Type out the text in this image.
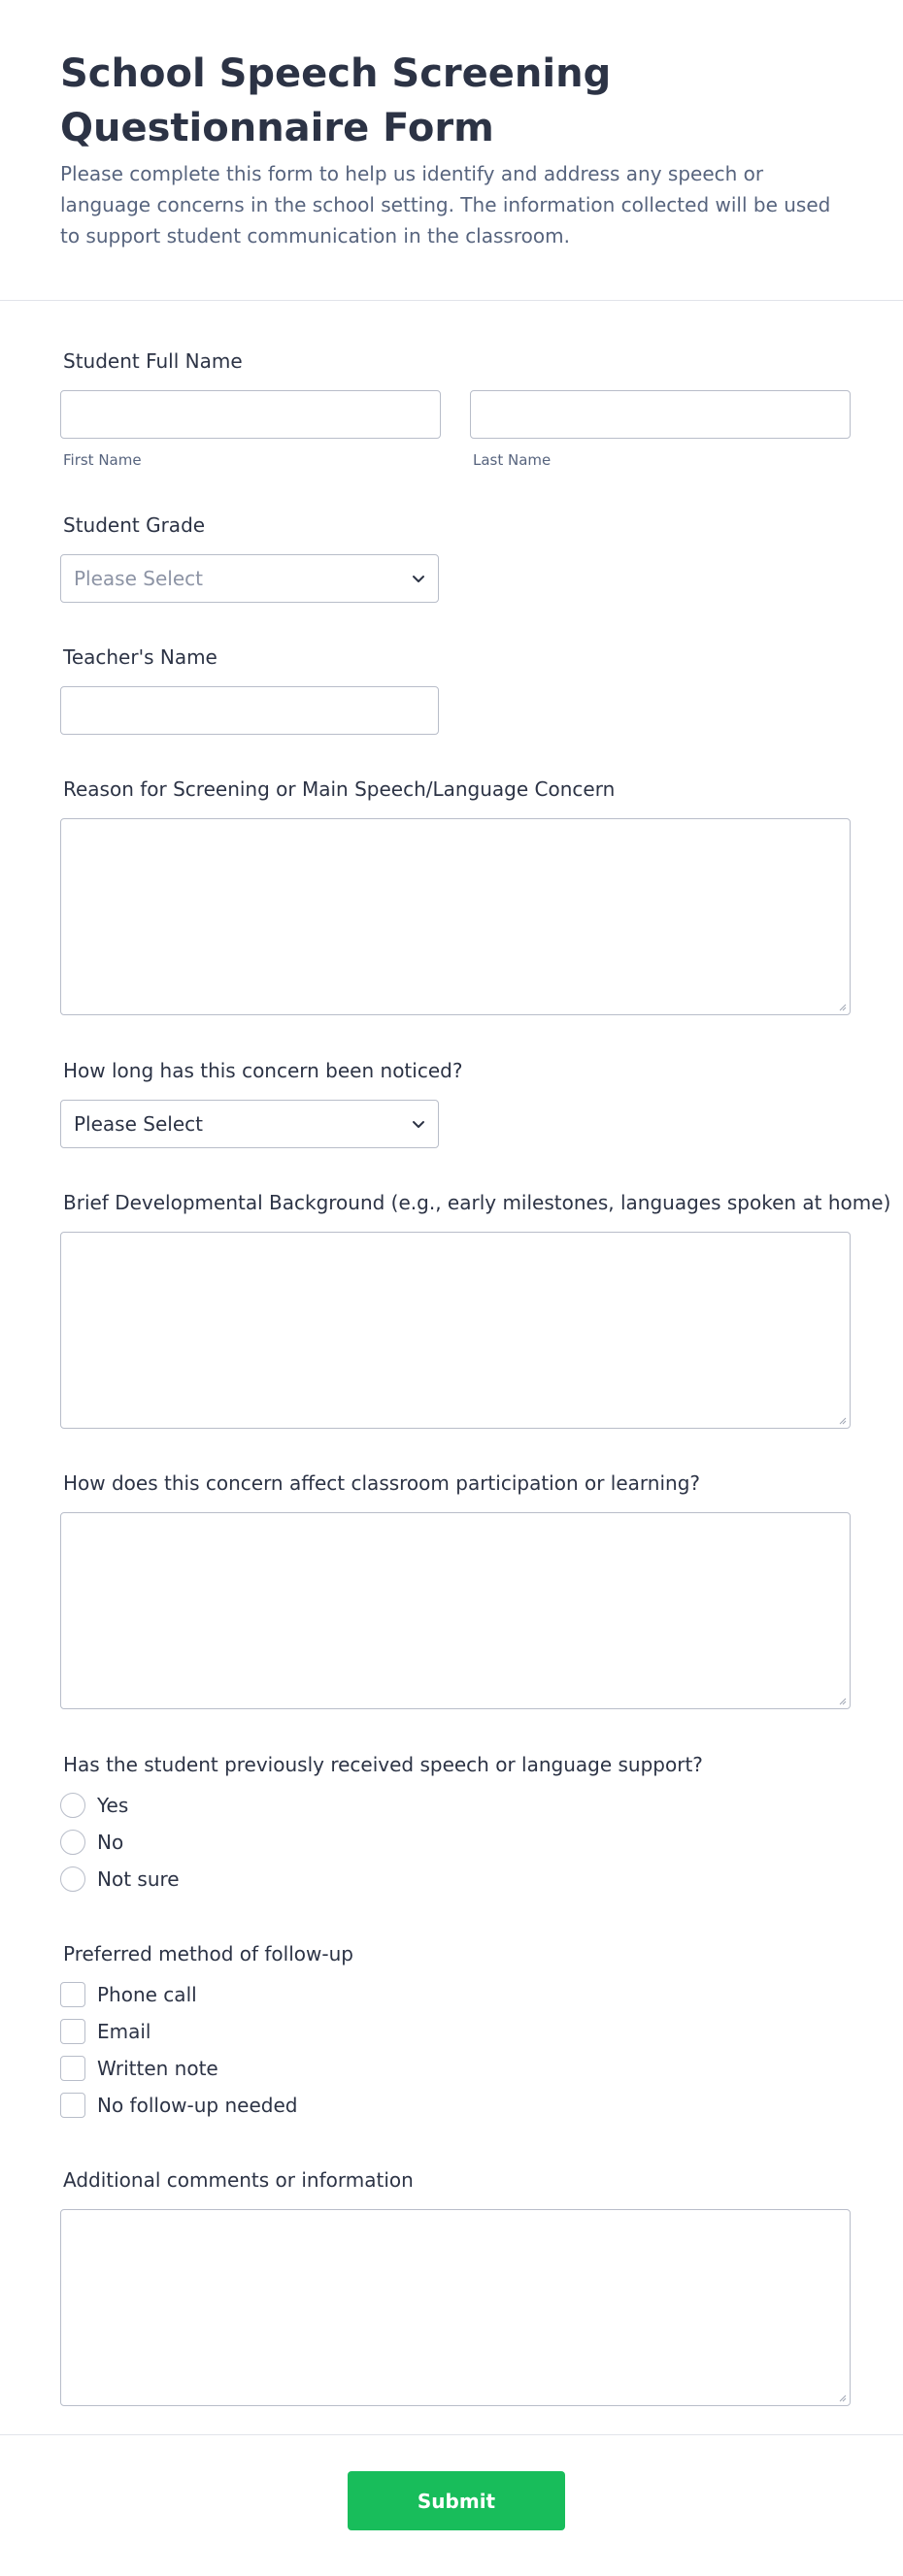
School Speech Screening Questionnaire Form
Please complete this form to help us identify and address any speech or language concerns in the school setting. The information collected will be used to support student communication in the classroom.
Student Full Name
First Name	Last Name
Student Grade
Please Select
Teacher's Name
Reason for Screening or Main Speech/Language Concern
How long has this concern been noticed?
Please Select
Brief Developmental Background (e.g., early milestones, languages spoken at home)
How does this concern affect classroom participation or learning?
Has the student previously received speech or language support?
Yes
No
Not sure
Preferred method of follow-up
Phone call
Email
Written note
No follow-up needed
Additional comments or information
Submit
